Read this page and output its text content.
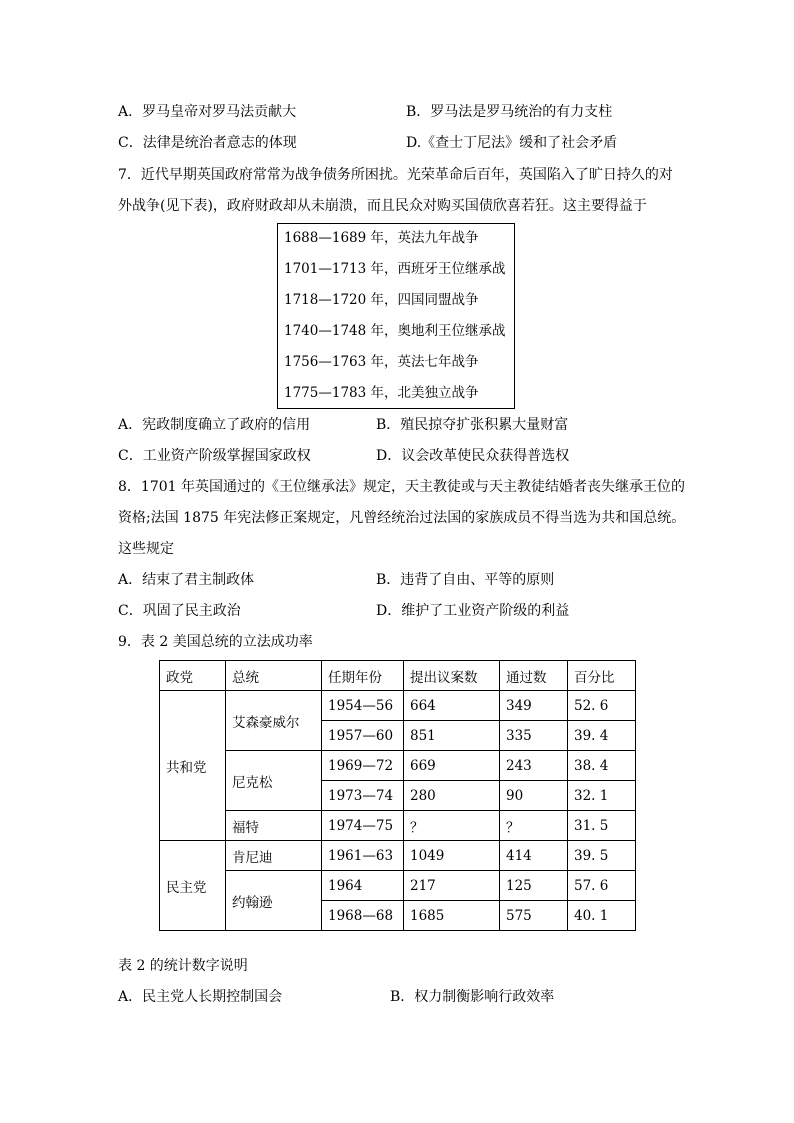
A．罗马皇帝对罗马法贡献大	B．罗马法是罗马统治的有力支柱
C．法律是统治者意志的体现	D.《查士丁尼法》缓和了社会矛盾
7．近代早期英国政府常常为战争债务所困扰。光荣革命后百年，英国陷入了旷日持久的对
外战争(见下表)，政府财政却从未崩溃，而且民众对购买国债欣喜若狂。这主要得益于
1688—1689 年，英法九年战争
1701—1713 年，西班牙王位继承战
1718—1720 年，四国同盟战争
1740—1748 年，奥地利王位继承战
1756—1763 年，英法七年战争
1775—1783 年，北美独立战争
A．宪政制度确立了政府的信用	B．殖民掠夺扩张积累大量财富
C．工业资产阶级掌握国家政权	D．议会改革使民众获得普选权
8．1701 年英国通过的《王位继承法》规定，天主教徒或与天主教徒结婚者丧失继承王位的
资格;法国 1875 年宪法修正案规定，凡曾经统治过法国的家族成员不得当选为共和国总统。
这些规定
A．结束了君主制政体	B．违背了自由、平等的原则
C．巩固了民主政治	D．维护了工业资产阶级的利益
9．表 2 美国总统的立法成功率
政党	总统	任期年份	提出议案数	通过数	百分比
共和党	艾森豪威尔	1954—56	664	349	52. 6
		1957—60	851	335	39. 4
	尼克松	1969—72	669	243	38. 4
		1973—74	280	90	32. 1
	福特	1974—75	？	？	31. 5
民主党	肯尼迪	1961—63	1049	414	39. 5
	约翰逊	1964	217	125	57. 6
		1968—68	1685	575	40. 1
表 2 的统计数字说明
A．民主党人长期控制国会	B．权力制衡影响行政效率
